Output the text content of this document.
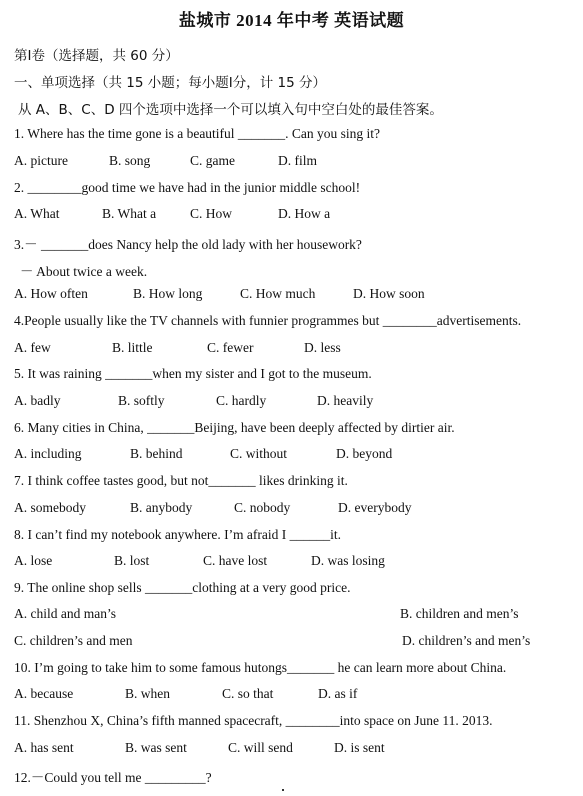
盐城市 2014 年中考 英语试题
第Ⅰ卷（选择题，共 60 分）
一、单项选择（共 15 小题；每小题Ⅰ分，计 15 分）
从 A、B、C、D 四个选项中选择一个可以填入句中空白处的最佳答案。
1. Where has the time gone is a beautiful _______. Can you sing it?
A. picture	B. song	C. game	D. film
2. ________good time we have had in the junior middle school!
A. What	B. What a	C. How	D. How a
3.－ _______does Nancy help the old lady with her housework?
－ About twice a week.
A. How often	B. How long	C. How much	D. How soon
4.People usually like the TV channels with funnier programmes but ________advertisements.
A. few	B. little	C. fewer	D. less
5. It was raining _______when my sister and I got to the museum.
A. badly	B. softly	C. hardly	D. heavily
6. Many cities in China, _______Beijing, have been deeply affected by dirtier air.
A. including	B. behind	C. without	D. beyond
7. I think coffee tastes good, but not_______ likes drinking it.
A. somebody	B. anybody	C. nobody	D. everybody
8. I can’t find my notebook anywhere. I’m afraid I ______it.
A. lose	B. lost	C. have lost	D. was losing
9. The online shop sells _______clothing at a very good price.
A. child and man’s	B. children and men’s
C. children’s and men	D. children’s and men’s
10. I’m going to take him to some famous hutongs_______ he can learn more about China.
A. because	B. when	C. so that	D. as if
11. Shenzhou X, China’s fifth manned spacecraft, ________into space on June 11. 2013.
A. has sent	B. was sent	C. will send	D. is sent
12.－Could you tell me _________?
